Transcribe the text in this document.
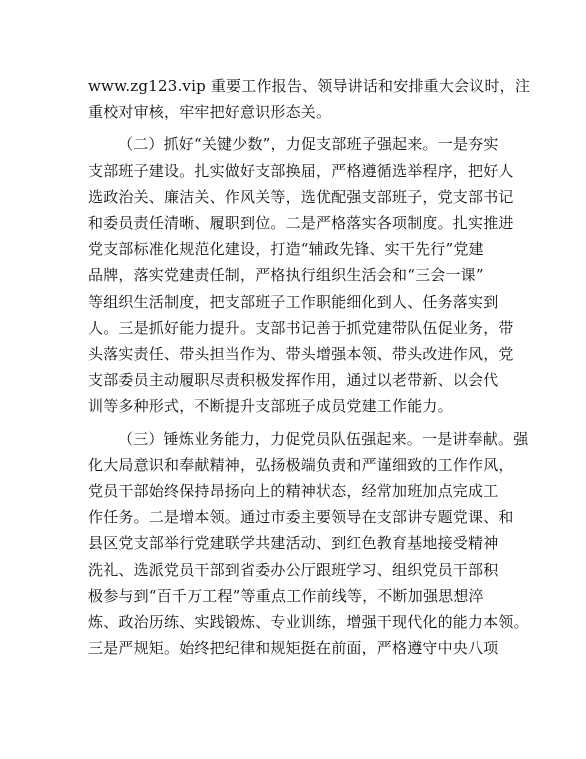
www.zg123.vip 重要工作报告、领导讲话和安排重大会议时，注
重校对审核，牢牢把好意识形态关。
（二）抓好“关键少数”，力促支部班子强起来。一是夯实
支部班子建设。扎实做好支部换届，严格遵循选举程序，把好人
选政治关、廉洁关、作风关等，选优配强支部班子，党支部书记
和委员责任清晰、履职到位。二是严格落实各项制度。扎实推进
党支部标准化规范化建设，打造“辅政先锋、实干先行”党建
品牌，落实党建责任制，严格执行组织生活会和“三会一课”
等组织生活制度，把支部班子工作职能细化到人、任务落实到
人。三是抓好能力提升。支部书记善于抓党建带队伍促业务，带
头落实责任、带头担当作为、带头增强本领、带头改进作风，党
支部委员主动履职尽责积极发挥作用，通过以老带新、以会代
训等多种形式，不断提升支部班子成员党建工作能力。
（三）锤炼业务能力，力促党员队伍强起来。一是讲奉献。强
化大局意识和奉献精神，弘扬极端负责和严谨细致的工作作风，
党员干部始终保持昂扬向上的精神状态，经常加班加点完成工
作任务。二是增本领。通过市委主要领导在支部讲专题党课、和
县区党支部举行党建联学共建活动、到红色教育基地接受精神
洗礼、选派党员干部到省委办公厅跟班学习、组织党员干部积
极参与到“百千万工程”等重点工作前线等，不断加强思想淬
炼、政治历练、实践锻炼、专业训练，增强干现代化的能力本领。
三是严规矩。始终把纪律和规矩挺在前面，严格遵守中央八项
